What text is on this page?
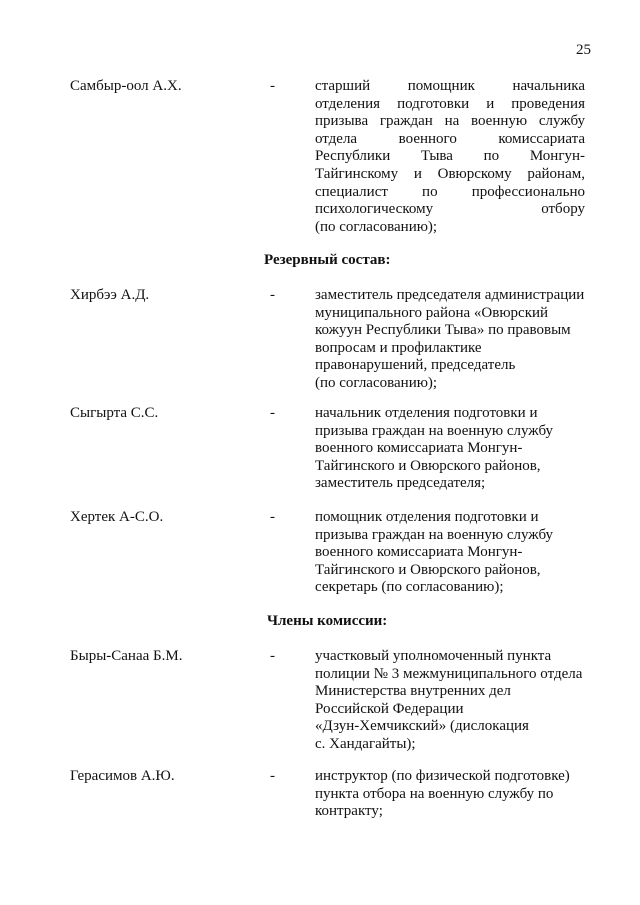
25
Самбыр-оол А.Х.	-	старший помощник начальника
отделения подготовки и проведения
призыва граждан на военную службу
отдела военного комиссариата
Республики Тыва по Монгун-
Тайгинскому и Овюрскому районам,
специалист по профессионально
психологическому отбору
(по согласованию);
Резервный состав:
Хирбээ А.Д.	-	заместитель председателя администрации
муниципального района «Овюрский
кожуун Республики Тыва» по правовым
вопросам и профилактике
правонарушений, председатель
(по согласованию);
Сыгырта С.С.	-	начальник отделения подготовки и
призыва граждан на военную службу
военного комиссариата Монгун-
Тайгинского и Овюрского районов,
заместитель председателя;
Хертек А-С.О.	-	помощник отделения подготовки и
призыва граждан на военную службу
военного комиссариата Монгун-
Тайгинского и Овюрского районов,
секретарь (по согласованию);
Члены комиссии:
Быры-Санаа Б.М.	-	участковый уполномоченный пункта
полиции № 3 межмуниципального отдела
Министерства внутренних дел
Российской Федерации
«Дзун-Хемчикский» (дислокация
с. Хандагайты);
Герасимов А.Ю.	-	инструктор (по физической подготовке)
пункта отбора на военную службу по
контракту;
